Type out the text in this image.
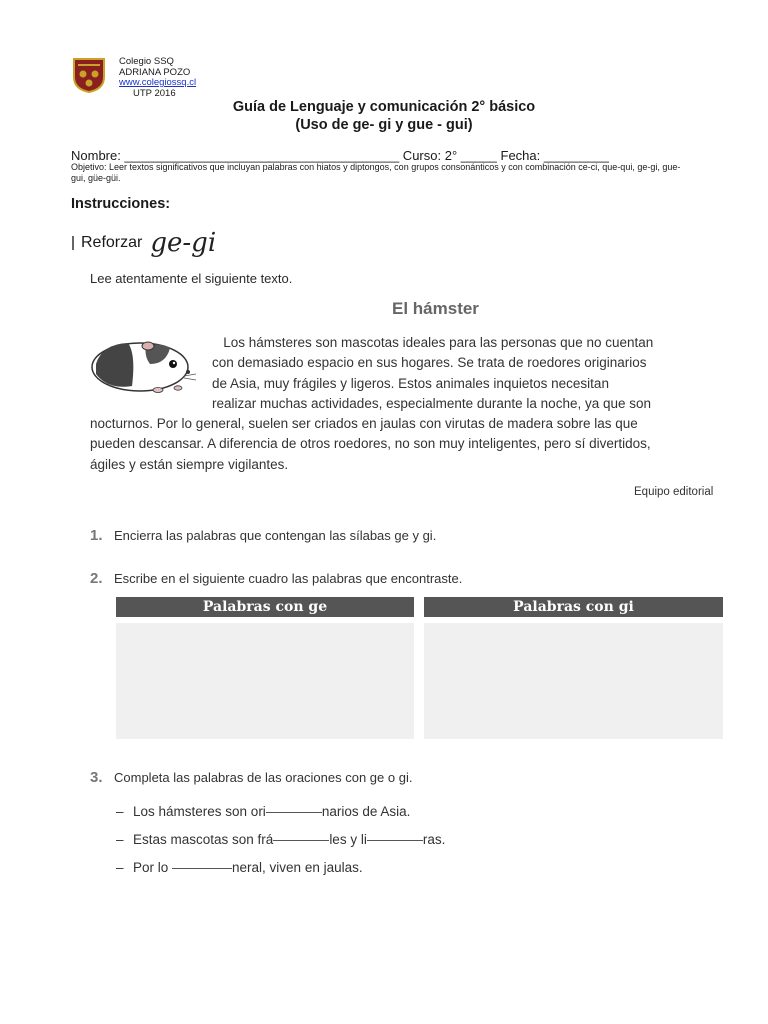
Colegio SSQ
ADRIANA POZO
www.colegiossq.cl
UTP 2016
Guía de Lenguaje y comunicación 2° básico
(Uso de ge- gi y gue - gui)
Nombre: ______________________________________ Curso: 2° _____ Fecha: _________
Objetivo: Leer textos significativos que incluyan palabras con hiatos y diptongos, con grupos consonánticos y con combinación ce-ci, que-qui, ge-gi, gue-gui, güe-güi.
Instrucciones:
Reforzar ge-gi
Lee atentamente el siguiente texto.
El hámster
Los hámsteres son mascotas ideales para las personas que no cuentan
con demasiado espacio en sus hogares. Se trata de roedores originarios
de Asia, muy frágiles y ligeros. Estos animales inquietos necesitan
realizar muchas actividades, especialmente durante la noche, ya que son
nocturnos. Por lo general, suelen ser criados en jaulas con virutas de madera sobre las que
pueden descansar. A diferencia de otros roedores, no son muy inteligentes, pero sí divertidos,
ágiles y están siempre vigilantes.
Equipo editorial
1. Encierra las palabras que contengan las sílabas ge y gi.
2. Escribe en el siguiente cuadro las palabras que encontraste.
Palabras con ge	Palabras con gi
3. Completa las palabras de las oraciones con ge o gi.
– Los hámsteres son ori	narios de Asia.
– Estas mascotas son frá	les y li	ras.
– Por lo	neral, viven en jaulas.
